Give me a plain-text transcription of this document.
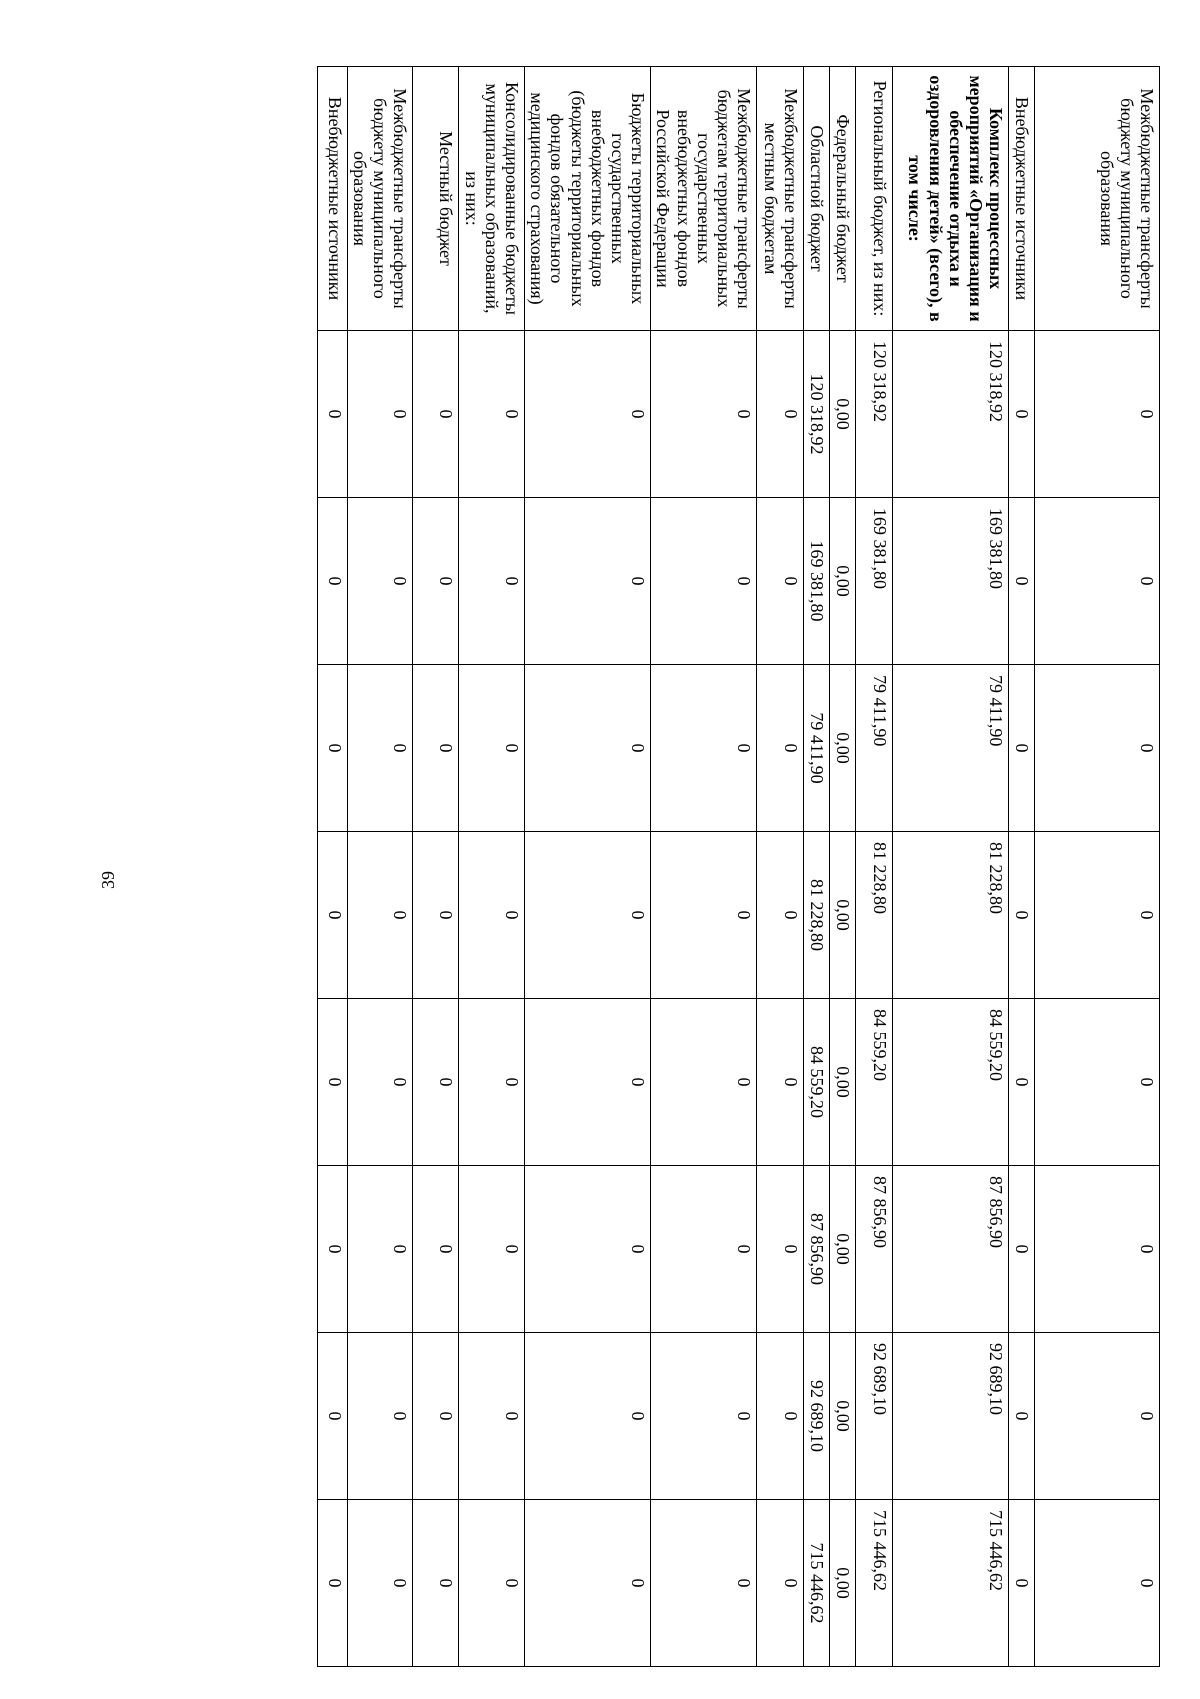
39
Межбюджетные трансферты бюджету муниципального образования	0	0	0	0	0	0	0	0
Внебюджетные источники	0	0	0	0	0	0	0	0
Комплекс процессных мероприятий «Организация и обеспечение отдыха и оздоровления детей» (всего), в том числе:	120 318,92	169 381,80	79 411,90	81 228,80	84 559,20	87 856,90	92 689,10	715 446,62
Региональный бюджет, из них:	120 318,92	169 381,80	79 411,90	81 228,80	84 559,20	87 856,90	92 689,10	715 446,62
Федеральный бюджет	0,00	0,00	0,00	0,00	0,00	0,00	0,00	0,00
Областной бюджет	120 318,92	169 381,80	79 411,90	81 228,80	84 559,20	87 856,90	92 689,10	715 446,62
Межбюджетные трансферты местным бюджетам	0	0	0	0	0	0	0	0
Межбюджетные трансферты бюджетам территориальных государственных внебюджетных фондов Российской Федерации	0	0	0	0	0	0	0	0
Бюджеты территориальных государственных внебюджетных фондов (бюджеты территориальных фондов обязательного медицинского страхования)	0	0	0	0	0	0	0	0
Консолидированные бюджеты муниципальных образований, из них:	0	0	0	0	0	0	0	0
Местный бюджет	0	0	0	0	0	0	0	0
Межбюджетные трансферты бюджету муниципального образования	0	0	0	0	0	0	0	0
Внебюджетные источники	0	0	0	0	0	0	0	0
